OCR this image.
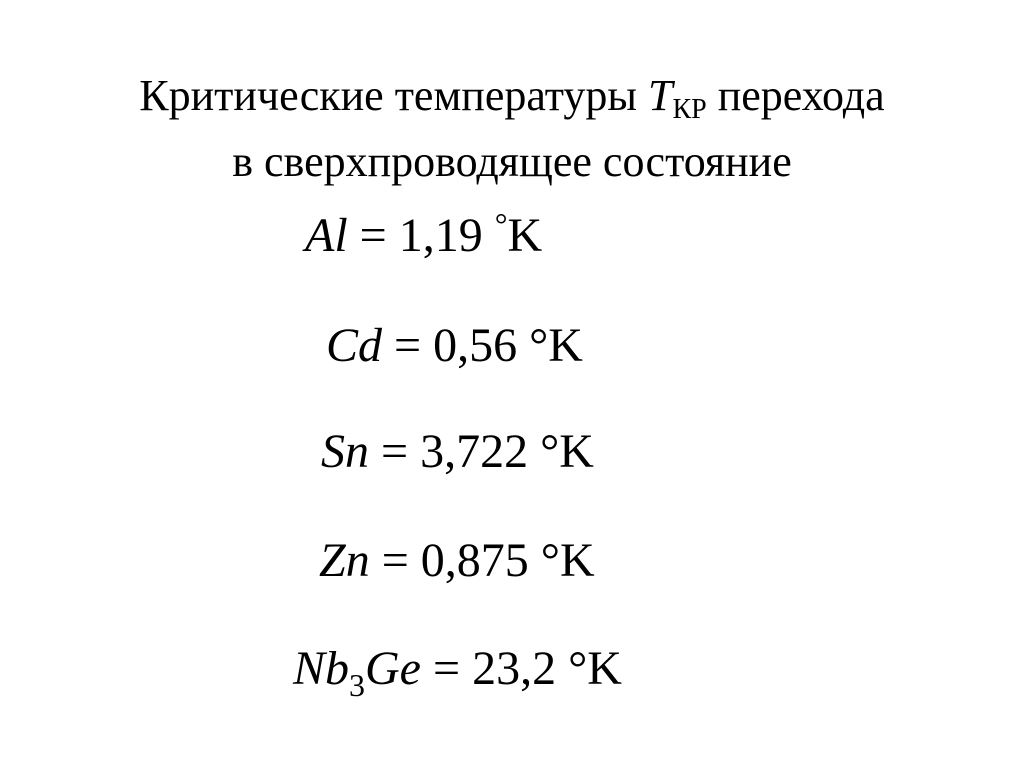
Критические температуры TКР перехода
в сверхпроводящее состояние
Al = 1,19 °K
Cd = 0,56 °K
Sn = 3,722 °K
Zn = 0,875 °K
$Nb_3Ge = 23,2$ °K
